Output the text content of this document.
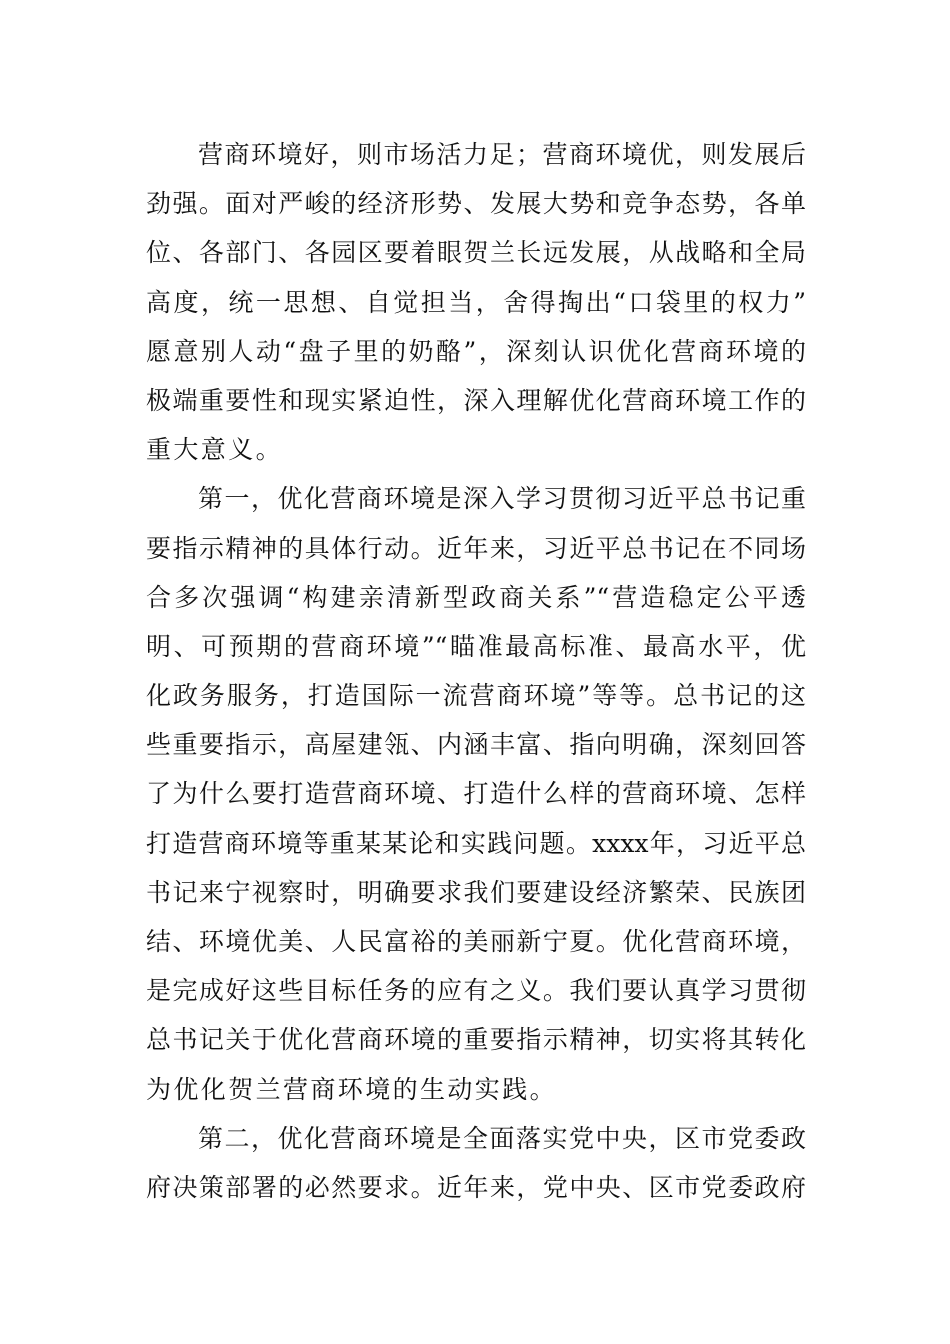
营商环境好，则市场活力足；营商环境优，则发展后
劲强。面对严峻的经济形势、发展大势和竞争态势，各单
位、各部门、各园区要着眼贺兰长远发展，从战略和全局
高度，统一思想、自觉担当，舍得掏出“口袋里的权力”
愿意别人动“盘子里的奶酪”，深刻认识优化营商环境的
极端重要性和现实紧迫性，深入理解优化营商环境工作的
重大意义。
第一，优化营商环境是深入学习贯彻习近平总书记重
要指示精神的具体行动。近年来，习近平总书记在不同场
合多次强调“构建亲清新型政商关系”“营造稳定公平透
明、可预期的营商环境”“瞄准最高标准、最高水平，优
化政务服务，打造国际一流营商环境”等等。总书记的这
些重要指示，高屋建瓴、内涵丰富、指向明确，深刻回答
了为什么要打造营商环境、打造什么样的营商环境、怎样
打造营商环境等重某某论和实践问题。xxxx年，习近平总
书记来宁视察时，明确要求我们要建设经济繁荣、民族团
结、环境优美、人民富裕的美丽新宁夏。优化营商环境，
是完成好这些目标任务的应有之义。我们要认真学习贯彻
总书记关于优化营商环境的重要指示精神，切实将其转化
为优化贺兰营商环境的生动实践。
第二，优化营商环境是全面落实党中央，区市党委政
府决策部署的必然要求。近年来，党中央、区市党委政府
